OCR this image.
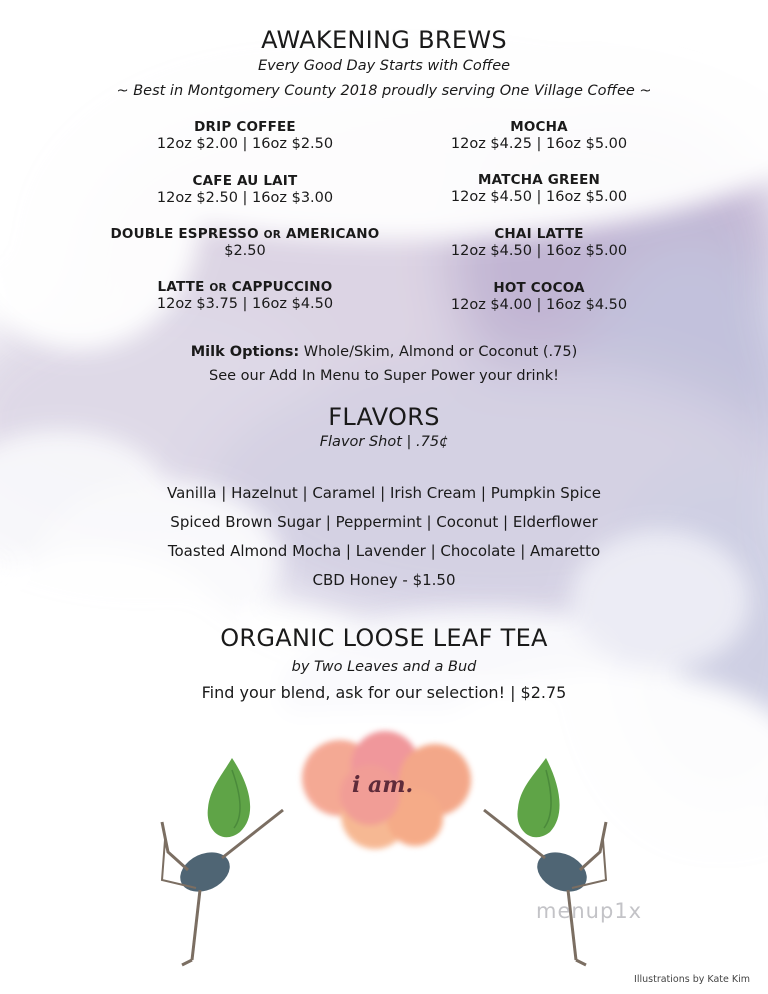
AWAKENING BREWS
Every Good Day Starts with Coffee
~ Best in Montgomery County 2018 proudly serving One Village Coffee ~
DRIP COFFEE
12oz $2.00 | 16oz $2.50
CAFE AU LAIT
12oz $2.50 | 16oz $3.00
DOUBLE ESPRESSO OR AMERICANO
$2.50
LATTE OR CAPPUCCINO
12oz $3.75 | 16oz $4.50
MOCHA
12oz $4.25 | 16oz $5.00
MATCHA GREEN
12oz $4.50 | 16oz $5.00
CHAI LATTE
12oz $4.50 | 16oz $5.00
HOT COCOA
12oz $4.00 | 16oz $4.50
Milk Options: Whole/Skim, Almond or Coconut (.75)
See our Add In Menu to Super Power your drink!
FLAVORS
Flavor Shot | .75¢
Vanilla | Hazelnut | Caramel | Irish Cream | Pumpkin Spice
Spiced Brown Sugar | Peppermint | Coconut | Elderflower
Toasted Almond Mocha | Lavender | Chocolate | Amaretto
CBD Honey - $1.50
ORGANIC LOOSE LEAF TEA
by Two Leaves and a Bud
Find your blend, ask for our selection! | $2.75
i am.
menup1x
Illustrations by Kate Kim
